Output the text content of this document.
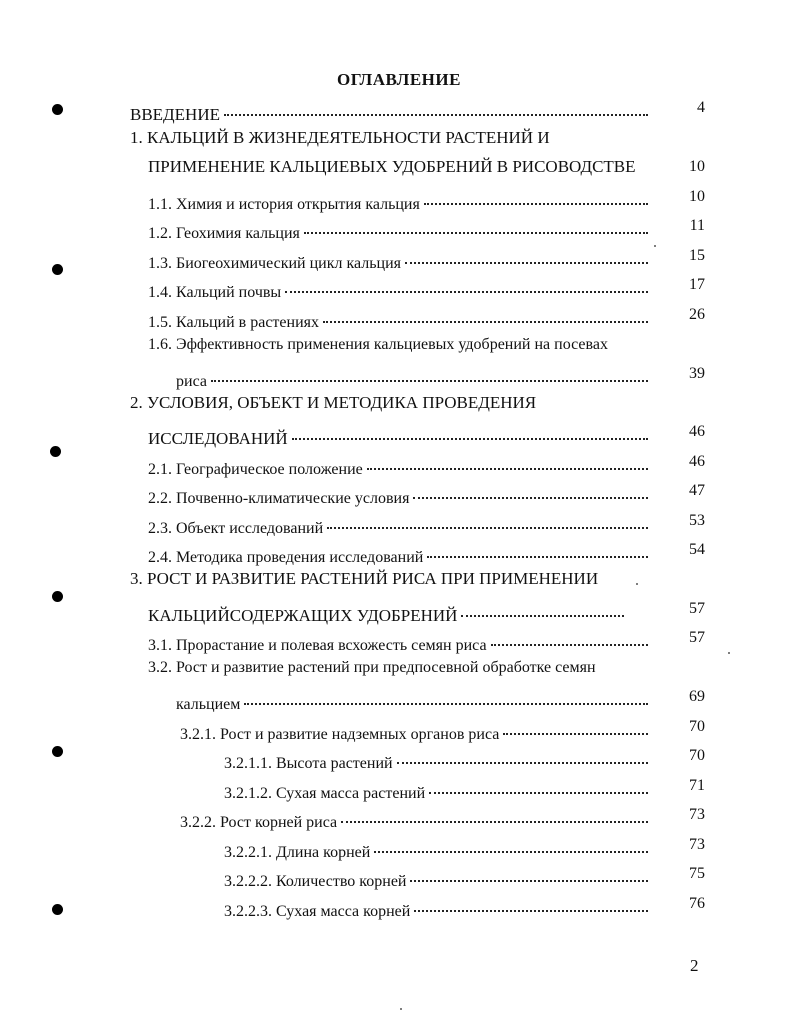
ОГЛАВЛЕНИЕ
ВВЕДЕНИЕ	4
1. КАЛЬЦИЙ В ЖИЗНЕДЕЯТЕЛЬНОСТИ РАСТЕНИЙ И
ПРИМЕНЕНИЕ КАЛЬЦИЕВЫХ УДОБРЕНИЙ В РИСОВОДСТВЕ	10
1.1. Химия и история открытия кальция	10
1.2. Геохимия кальция	11
1.3. Биогеохимический цикл кальция	15
1.4. Кальций почвы	17
1.5. Кальций в растениях	26
1.6. Эффективность применения кальциевых удобрений на посевах
риса	39
2. УСЛОВИЯ, ОБЪЕКТ И МЕТОДИКА ПРОВЕДЕНИЯ
ИССЛЕДОВАНИЙ	46
2.1. Географическое положение	46
2.2. Почвенно-климатические условия	47
2.3. Объект исследований	53
2.4. Методика проведения исследований	54
3. РОСТ И РАЗВИТИЕ РАСТЕНИЙ РИСА ПРИ ПРИМЕНЕНИИ
КАЛЬЦИЙСОДЕРЖАЩИХ УДОБРЕНИЙ	57
3.1. Прорастание и полевая всхожесть семян риса	57
3.2. Рост и развитие растений при предпосевной обработке семян
кальцием	69
3.2.1. Рост и развитие надземных органов риса	70
3.2.1.1. Высота растений	70
3.2.1.2. Сухая масса растений	71
3.2.2. Рост корней риса	73
3.2.2.1. Длина корней	73
3.2.2.2. Количество корней	75
3.2.2.3. Сухая масса корней	76
2
